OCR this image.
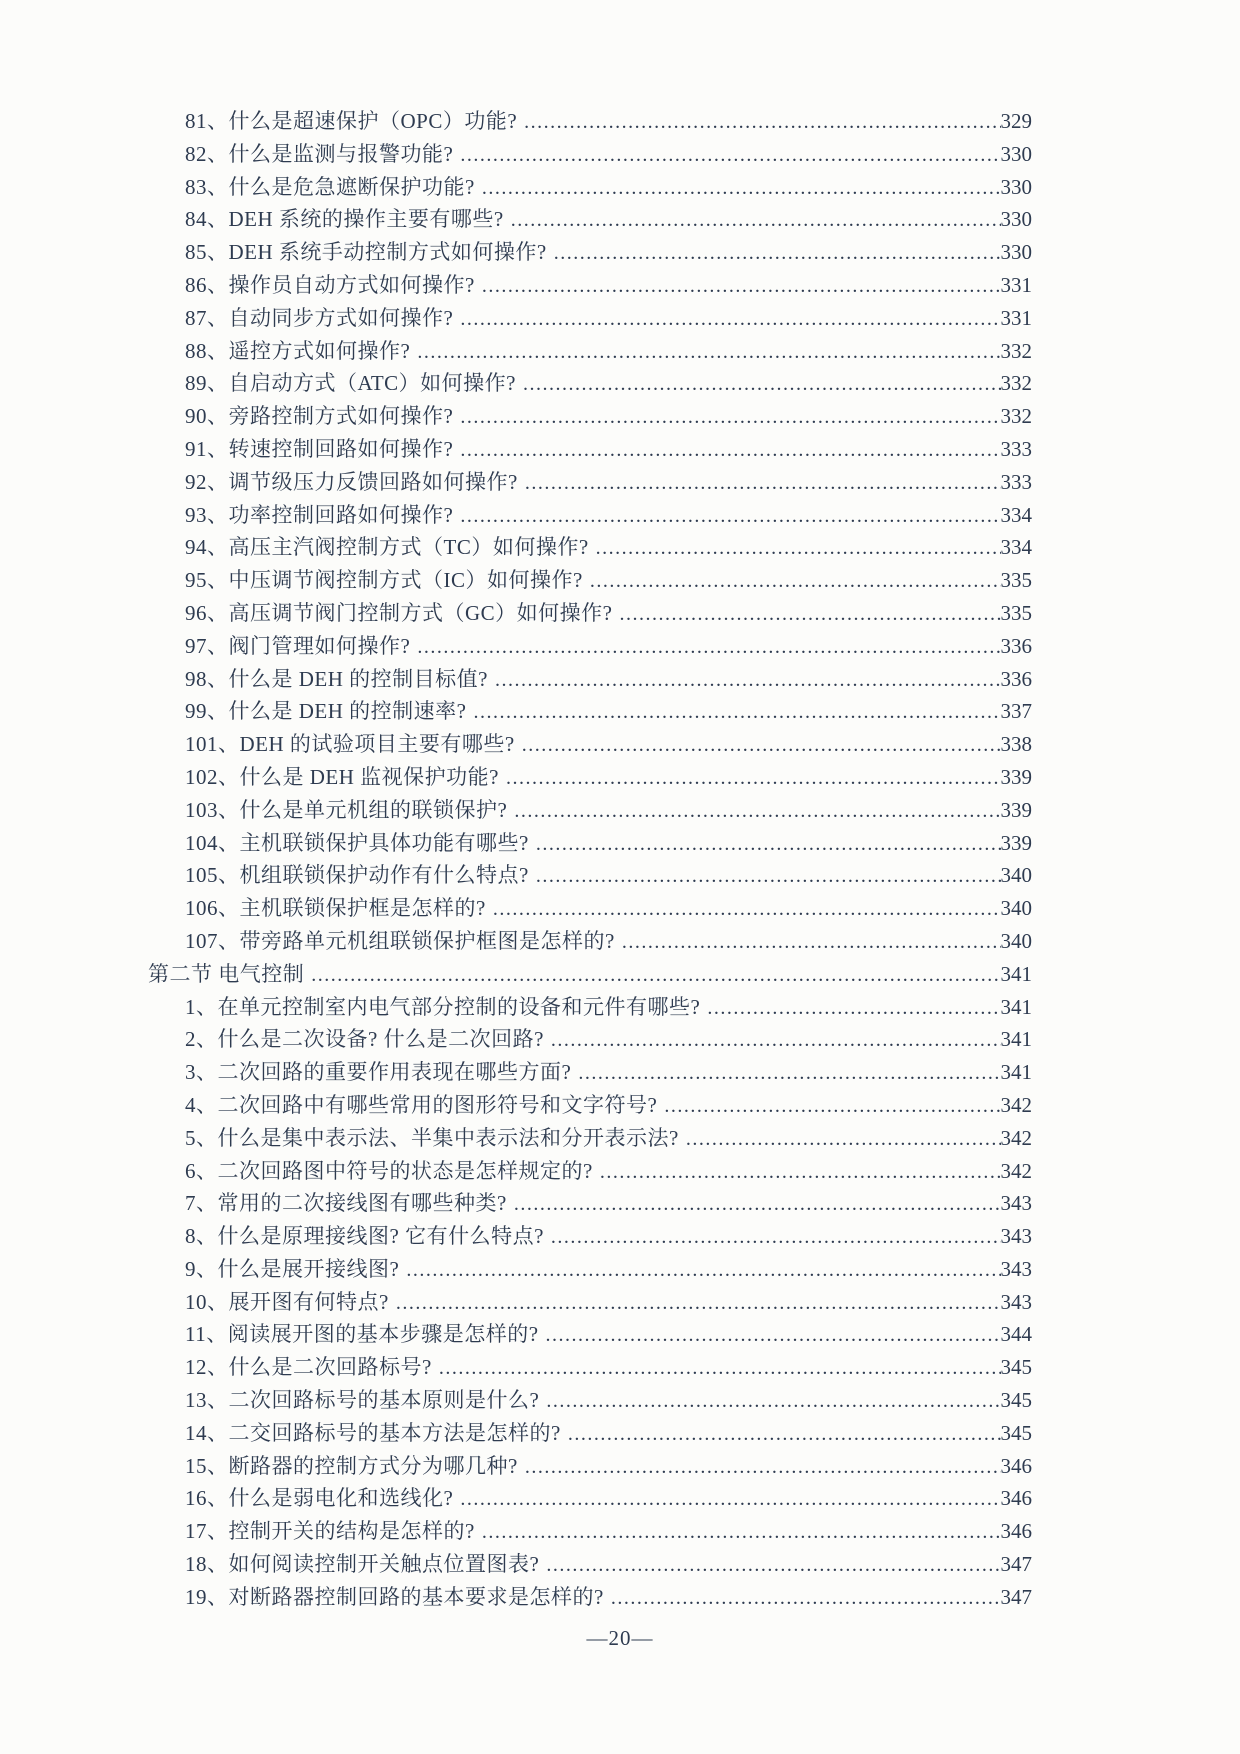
81、什么是超速保护（OPC）功能? .....	329
82、什么是监测与报警功能? .....	330
83、什么是危急遮断保护功能? .....	330
84、DEH 系统的操作主要有哪些? .....	330
85、DEH 系统手动控制方式如何操作? .....	330
86、操作员自动方式如何操作? .....	331
87、自动同步方式如何操作? .....	331
88、遥控方式如何操作? .....	332
89、自启动方式（ATC）如何操作? .....	332
90、旁路控制方式如何操作? .....	332
91、转速控制回路如何操作? .....	333
92、调节级压力反馈回路如何操作? .....	333
93、功率控制回路如何操作? .....	334
94、高压主汽阀控制方式（TC）如何操作? .....	334
95、中压调节阀控制方式（IC）如何操作? .....	335
96、高压调节阀门控制方式（GC）如何操作? .....	335
97、阀门管理如何操作? .....	336
98、什么是 DEH 的控制目标值? .....	336
99、什么是 DEH 的控制速率? .....	337
101、DEH 的试验项目主要有哪些? .....	338
102、什么是 DEH 监视保护功能? .....	339
103、什么是单元机组的联锁保护? .....	339
104、主机联锁保护具体功能有哪些? .....	339
105、机组联锁保护动作有什么特点? .....	340
106、主机联锁保护框是怎样的? .....	340
107、带旁路单元机组联锁保护框图是怎样的? .....	340
第二节 电气控制 .....	341
1、在单元控制室内电气部分控制的设备和元件有哪些? .....	341
2、什么是二次设备? 什么是二次回路? .....	341
3、二次回路的重要作用表现在哪些方面? .....	341
4、二次回路中有哪些常用的图形符号和文字符号? .....	342
5、什么是集中表示法、半集中表示法和分开表示法? .....	342
6、二次回路图中符号的状态是怎样规定的? .....	342
7、常用的二次接线图有哪些种类? .....	343
8、什么是原理接线图? 它有什么特点? .....	343
9、什么是展开接线图? .....	343
10、展开图有何特点? .....	343
11、阅读展开图的基本步骤是怎样的? .....	344
12、什么是二次回路标号? .....	345
13、二次回路标号的基本原则是什么? .....	345
14、二交回路标号的基本方法是怎样的? .....	345
15、断路器的控制方式分为哪几种? .....	346
16、什么是弱电化和选线化? .....	346
17、控制开关的结构是怎样的? .....	346
18、如何阅读控制开关触点位置图表? .....	347
19、对断路器控制回路的基本要求是怎样的? .....	347
—20—
